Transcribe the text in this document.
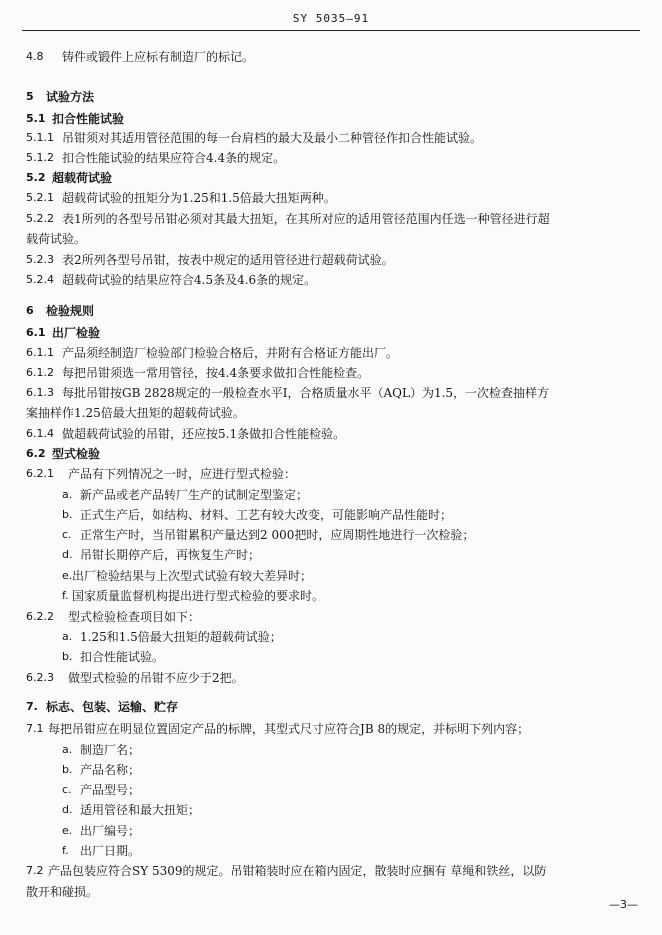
SY 5035—91
4.8 铸件或锻件上应标有制造厂的标记。
5 试验方法
5.1 扣合性能试验
5.1.1 吊钳须对其适用管径范围的每一台肩档的最大及最小二种管径作扣合性能试验。
5.1.2 扣合性能试验的结果应符合4.4条的规定。
5.2 超载荷试验
5.2.1 超载荷试验的扭矩分为1.25和1.5倍最大扭矩两种。
5.2.2 表1所列的各型号吊钳必须对其最大扭矩，在其所对应的适用管径范围内任选一种管径进行超
载荷试验。
5.2.3 表2所列各型号吊钳，按表中规定的适用管径进行超载荷试验。
5.2.4 超载荷试验的结果应符合4.5条及4.6条的规定。
6 检验规则
6.1 出厂检验
6.1.1 产品须经制造厂检验部门检验合格后，并附有合格证方能出厂。
6.1.2 每把吊钳须选一常用管径，按4.4条要求做扣合性能检查。
6.1.3 每批吊钳按GB 2828规定的一般检查水平Ⅰ，合格质量水平（AQL）为1.5，一次检查抽样方
案抽样作1.25倍最大扭矩的超载荷试验。
6.1.4 做超载荷试验的吊钳，还应按5.1条做扣合性能检验。
6.2 型式检验
6.2.1 产品有下列情况之一时，应进行型式检验：
a. 新产品或老产品转厂生产的试制定型鉴定；
b. 正式生产后，如结构、材料、工艺有较大改变，可能影响产品性能时；
c. 正常生产时，当吊钳累积产量达到2 000把时，应周期性地进行一次检验；
d. 吊钳长期停产后，再恢复生产时；
e. 出厂检验结果与上次型式试验有较大差异时；
f. 国家质量监督机构提出进行型式检验的要求时。
6.2.2 型式检验检查项目如下：
a. 1.25和1.5倍最大扭矩的超载荷试验；
b. 扣合性能试验。
6.2.3 做型式检验的吊钳不应少于2把。
7. 标志、包装、运输、贮存
7.1 每把吊钳应在明显位置固定产品的标牌，其型式尺寸应符合JB 8的规定，并标明下列内容；
a. 制造厂名；
b. 产品名称；
c. 产品型号；
d. 适用管径和最大扭矩；
e. 出厂编号；
f. 出厂日期。
7.2 产品包装应符合SY 5309的规定。吊钳箱装时应在箱内固定，散装时应捆有 草绳和铁丝，以防
散开和碰损。
—3—
